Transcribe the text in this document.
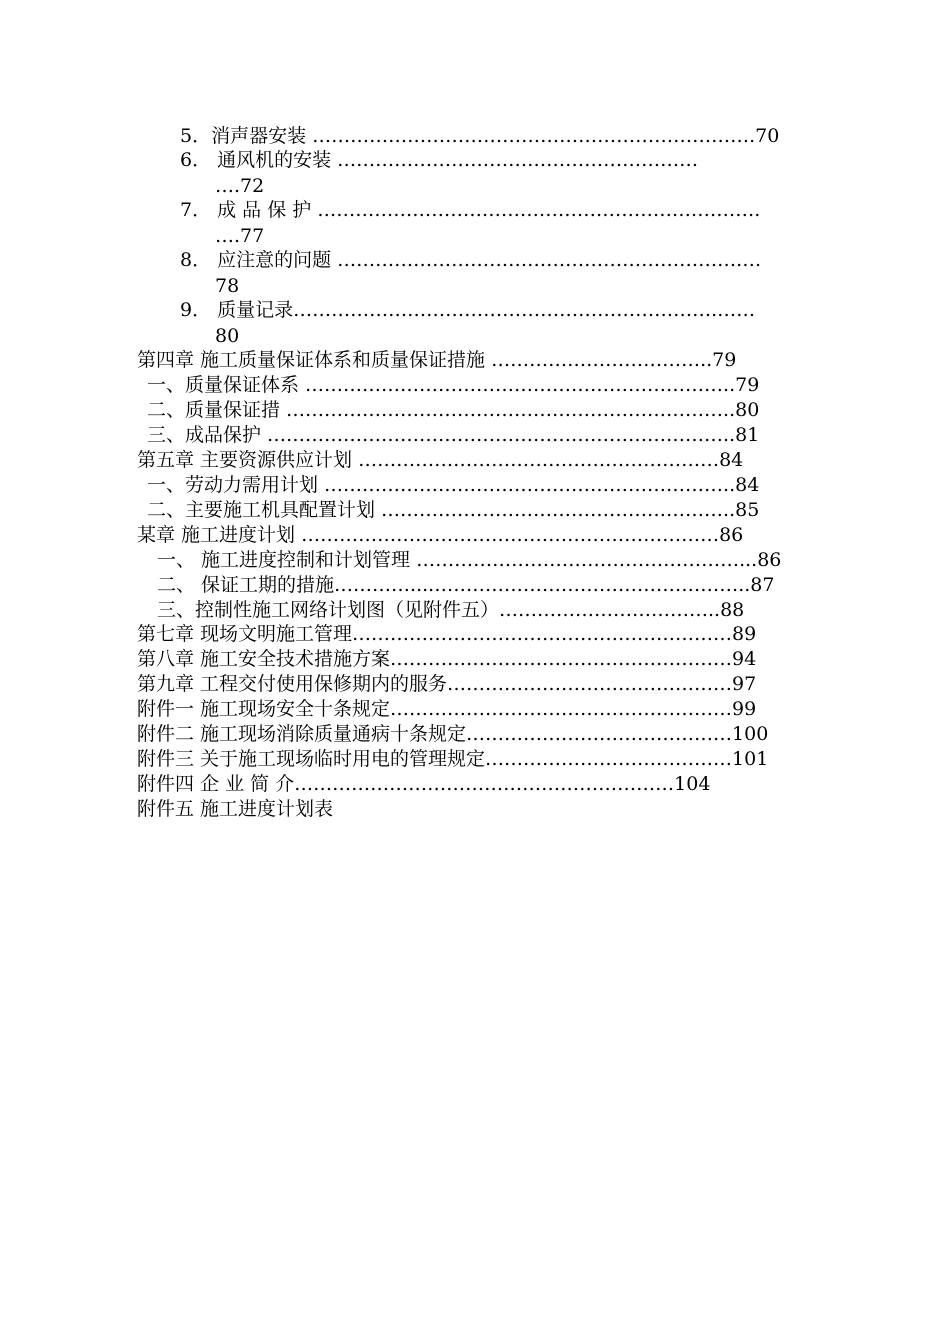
5．消声器安装 …………………………………………………………….70
6． 通风机的安装 …………………………………………………
….72
7． 成 品 保 护 …………………………………………………………….
….77
8． 应注意的问题 ……………………………………………………….…
78
9． 质量记录………………………………………………………….……
80
第四章 施工质量保证体系和质量保证措施 ……………………………..79
一、质量保证体系 …………………………………………………………..79
二、质量保证措 ……………………………………………………………..80
三、成品保护 ………………………………………………………………..81
第五章 主要资源供应计划 …………………………………………………84
一、劳动力需用计划 ………………………………………………………..84
二、主要施工机具配置计划 ………………………………………………..85
某章 施工进度计划 …………………………………………………………86
一、 施工进度控制和计划管理 ……………………………………………...86
二、 保证工期的措施…………....…………………………………………..87
三、控制性施工网络计划图（见附件五）……………………………..88
第七章 现场文明施工管理……………………………………………………89
第八章 施工安全技术措施方案………………………………………………94
第九章 工程交付使用保修期内的服务………………………………………97
附件一 施工现场安全十条规定………………………………………………99
附件二 施工现场消除质量通病十条规定……………………………………100
附件三 关于施工现场临时用电的管理规定…………………………………101
附件四 企 业 简 介……………………………………………………104
附件五 施工进度计划表
